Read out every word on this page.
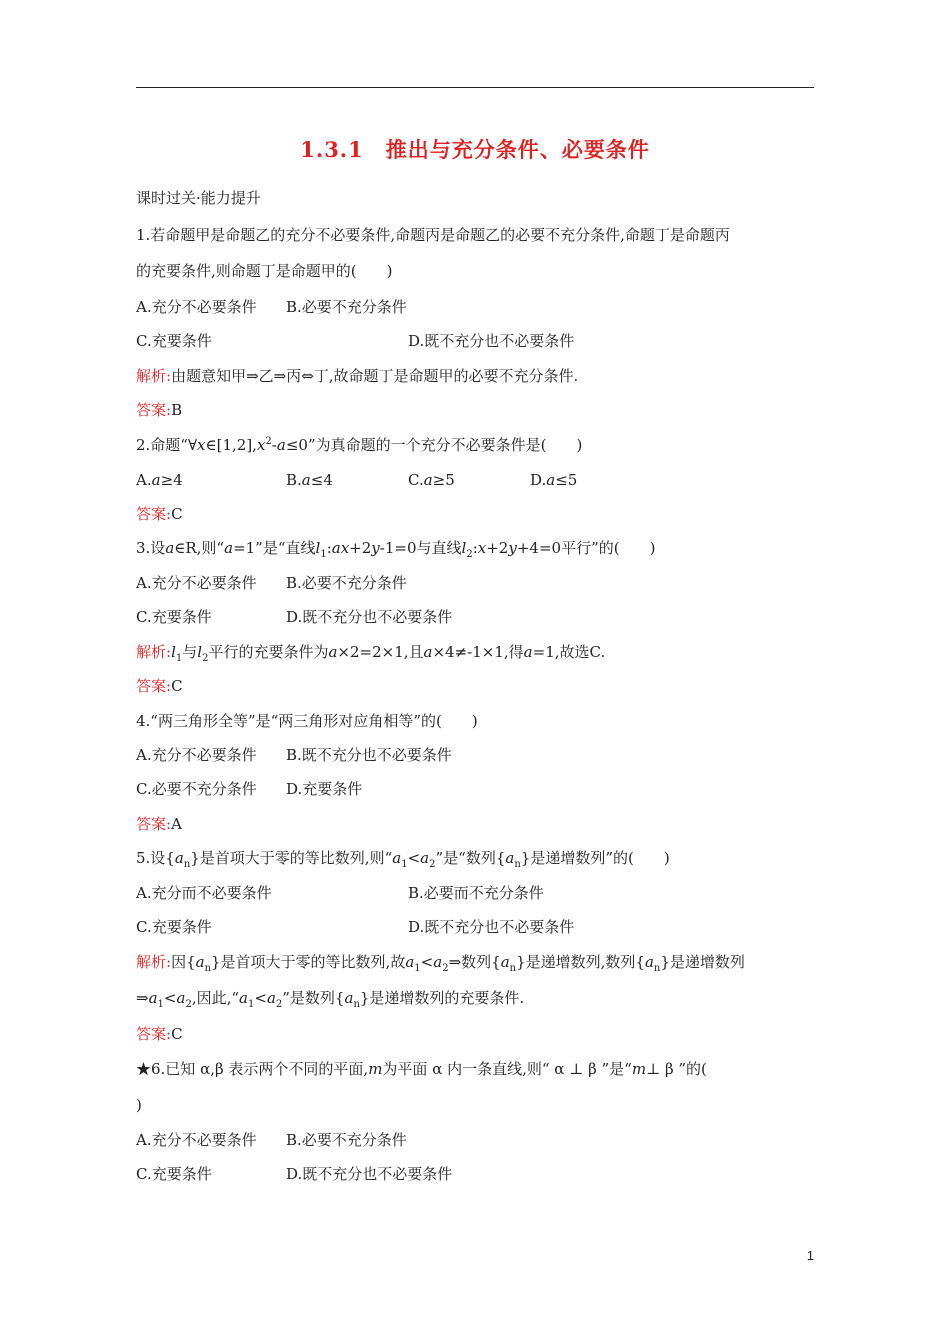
1.3.1　推出与充分条件、必要条件
课时过关·能力提升
1.若命题甲是命题乙的充分不必要条件,命题丙是命题乙的必要不充分条件,命题丁是命题丙
的充要条件,则命题丁是命题甲的(　　)
A.充分不必要条件 B.必要不充分条件
C.充要条件	D.既不充分也不必要条件
解析:由题意知甲⇒乙⇒丙⇔丁,故命题丁是命题甲的必要不充分条件.
答案:B
2.命题“$\forall x\in[1,2],x^2-a\le 0$”为真命题的一个充分不必要条件是(　　)
A.a≥4	B.a≤4	C.a≥5	D.a≤5
答案:C
3.设a∈R,则“a=1”是“直线$l_1:ax+2y-1=0$与直线$l_2:x+2y+4=0$平行”的(　　)
A.充分不必要条件 B.必要不充分条件
C.充要条件	D.既不充分也不必要条件
解析$:l_1$与$l_2$平行的充要条件为a×2=2×1,且a×4≠-1×1,得a=1,故选C.
答案:C
4.“两三角形全等”是“两三角形对应角相等”的(　　)
A.充分不必要条件 B.既不充分也不必要条件
C.必要不充分条件 D.充要条件
答案:A
5.设$\{a_n\}$是首项大于零的等比数列,则“$a_1<a_2$”是“数列$\{a_n\}$是递增数列”的(　　)
A.充分而不必要条件	B.必要而不充分条件
C.充要条件	D.既不充分也不必要条件
解析:因$\{a_n\}$是首项大于零的等比数列,故$a_1<a_2\Rightarrow$数列$\{a_n\}$是递增数列,数列$\{a_n\}$是递增数列
$\Rightarrow a_1<a_2$,因此$,“a_1<a_2$”是数列$\{a_n\}$是递增数列的充要条件.
答案:C
★6.已知 α,β 表示两个不同的平面,m为平面 α 内一条直线,则“ α ⊥ β ”是“m⊥ β ”的(
)
A.充分不必要条件 B.必要不充分条件
C.充要条件	D.既不充分也不必要条件
1
